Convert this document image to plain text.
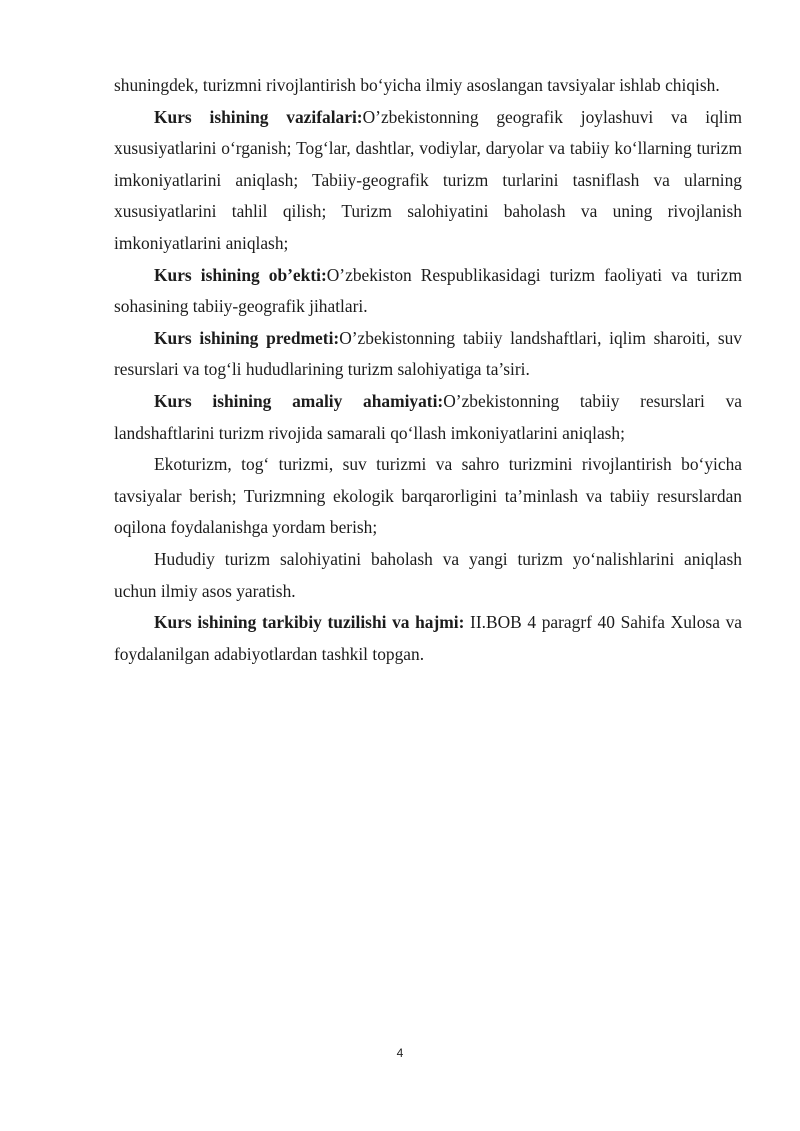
shuningdek, turizmni rivojlantirish bo‘yicha ilmiy asoslangan tavsiyalar ishlab chiqish.

Kurs ishining vazifalari:O’zbekistonning geografik joylashuvi va iqlim xususiyatlarini o‘rganish; Tog‘lar, dashtlar, vodiylar, daryolar va tabiiy ko‘llarning turizm imkoniyatlarini aniqlash; Tabiiy-geografik turizm turlarini tasniflash va ularning xususiyatlarini tahlil qilish; Turizm salohiyatini baholash va uning rivojlanish imkoniyatlarini aniqlash;

Kurs ishining ob’ekti:O’zbekiston Respublikasidagi turizm faoliyati va turizm sohasining tabiiy-geografik jihatlari.

Kurs ishining predmeti:O’zbekistonning tabiiy landshaftlari, iqlim sharoiti, suv resurslari va tog‘li hududlarining turizm salohiyatiga ta’siri.

Kurs ishining amaliy ahamiyati:O’zbekistonning tabiiy resurslari va landshaftlarini turizm rivojida samarali qo‘llash imkoniyatlarini aniqlash;

Ekoturizm, tog‘ turizmi, suv turizmi va sahro turizmini rivojlantirish bo‘yicha tavsiyalar berish; Turizmning ekologik barqarorligini ta’minlash va tabiiy resurslardan oqilona foydalanishga yordam berish;

Hududiy turizm salohiyatini baholash va yangi turizm yo‘nalishlarini aniqlash uchun ilmiy asos yaratish.

Kurs ishining tarkibiy tuzilishi va hajmi: II.BOB 4 paragrf 40 Sahifa Xulosa va foydalanilgan adabiyotlardan tashkil topgan.

4
